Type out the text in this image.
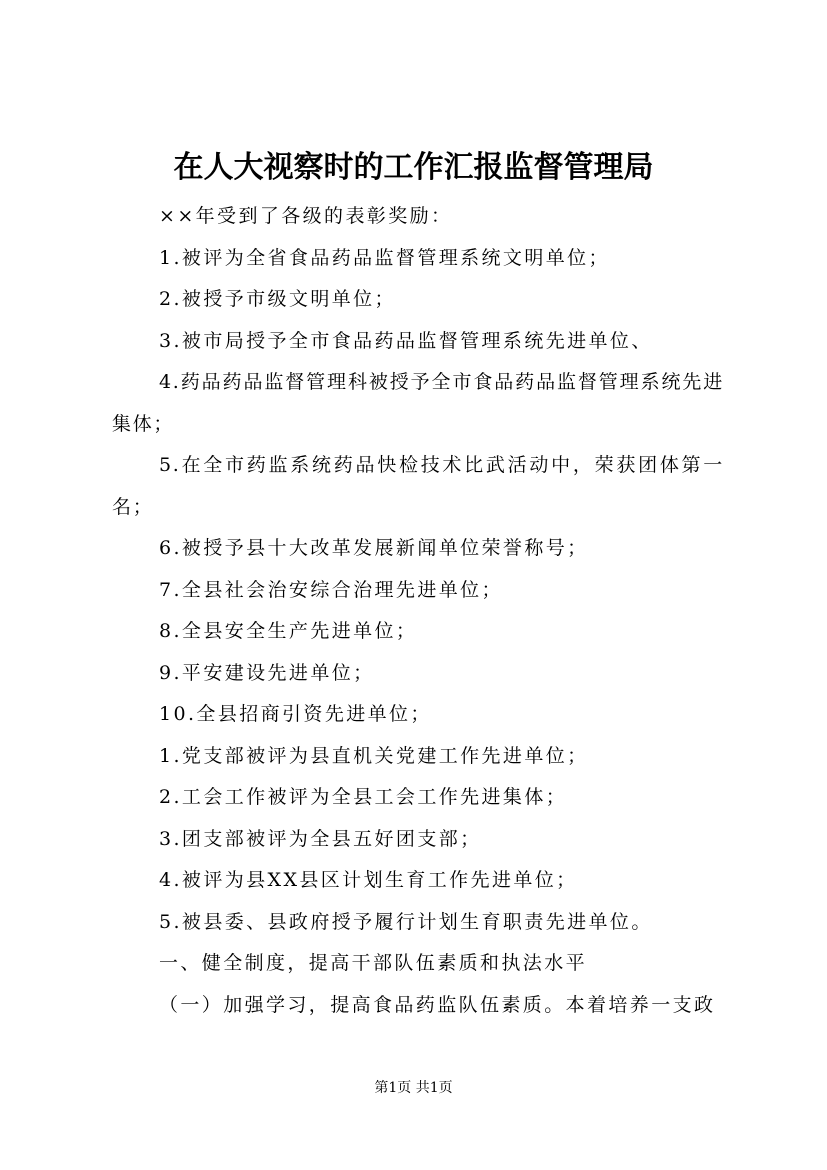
在人大视察时的工作汇报监督管理局

××年受到了各级的表彰奖励：

1.被评为全省食品药品监督管理系统文明单位；

2.被授予市级文明单位；

3.被市局授予全市食品药品监督管理系统先进单位、

4.药品药品监督管理科被授予全市食品药品监督管理系统先进集体；

5.在全市药监系统药品快检技术比武活动中，荣获团体第一名；

6.被授予县十大改革发展新闻单位荣誉称号；

7.全县社会治安综合治理先进单位；

8.全县安全生产先进单位；

9.平安建设先进单位；

10.全县招商引资先进单位；

1.党支部被评为县直机关党建工作先进单位；

2.工会工作被评为全县工会工作先进集体；

3.团支部被评为全县五好团支部；

4.被评为县XX县区计划生育工作先进单位；

5.被县委、县政府授予履行计划生育职责先进单位。

一、健全制度，提高干部队伍素质和执法水平

（一）加强学习，提高食品药监队伍素质。本着培养一支政

第1页 共1页
